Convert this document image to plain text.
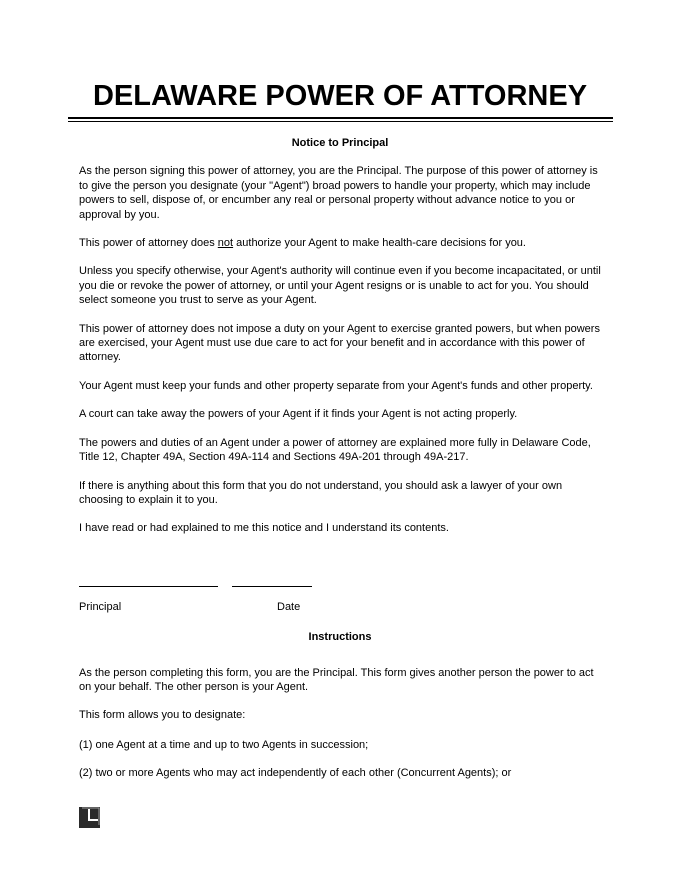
DELAWARE POWER OF ATTORNEY
Notice to Principal

As the person signing this power of attorney, you are the Principal. The purpose of this power of attorney is to give the person you designate (your "Agent") broad powers to handle your property, which may include powers to sell, dispose of, or encumber any real or personal property without advance notice to you or approval by you.

This power of attorney does not authorize your Agent to make health-care decisions for you.

Unless you specify otherwise, your Agent's authority will continue even if you become incapacitated, or until you die or revoke the power of attorney, or until your Agent resigns or is unable to act for you. You should select someone you trust to serve as your Agent.

This power of attorney does not impose a duty on your Agent to exercise granted powers, but when powers are exercised, your Agent must use due care to act for your benefit and in accordance with this power of attorney.

Your Agent must keep your funds and other property separate from your Agent's funds and other property.

A court can take away the powers of your Agent if it finds your Agent is not acting properly.

The powers and duties of an Agent under a power of attorney are explained more fully in Delaware Code, Title 12, Chapter 49A, Section 49A-114 and Sections 49A-201 through 49A-217.

If there is anything about this form that you do not understand, you should ask a lawyer of your own choosing to explain it to you.

I have read or had explained to me this notice and I understand its contents.

Principal	Date
Instructions

As the person completing this form, you are the Principal. This form gives another person the power to act on your behalf. The other person is your Agent.

This form allows you to designate:

(1) one Agent at a time and up to two Agents in succession;

(2) two or more Agents who may act independently of each other (Concurrent Agents); or
